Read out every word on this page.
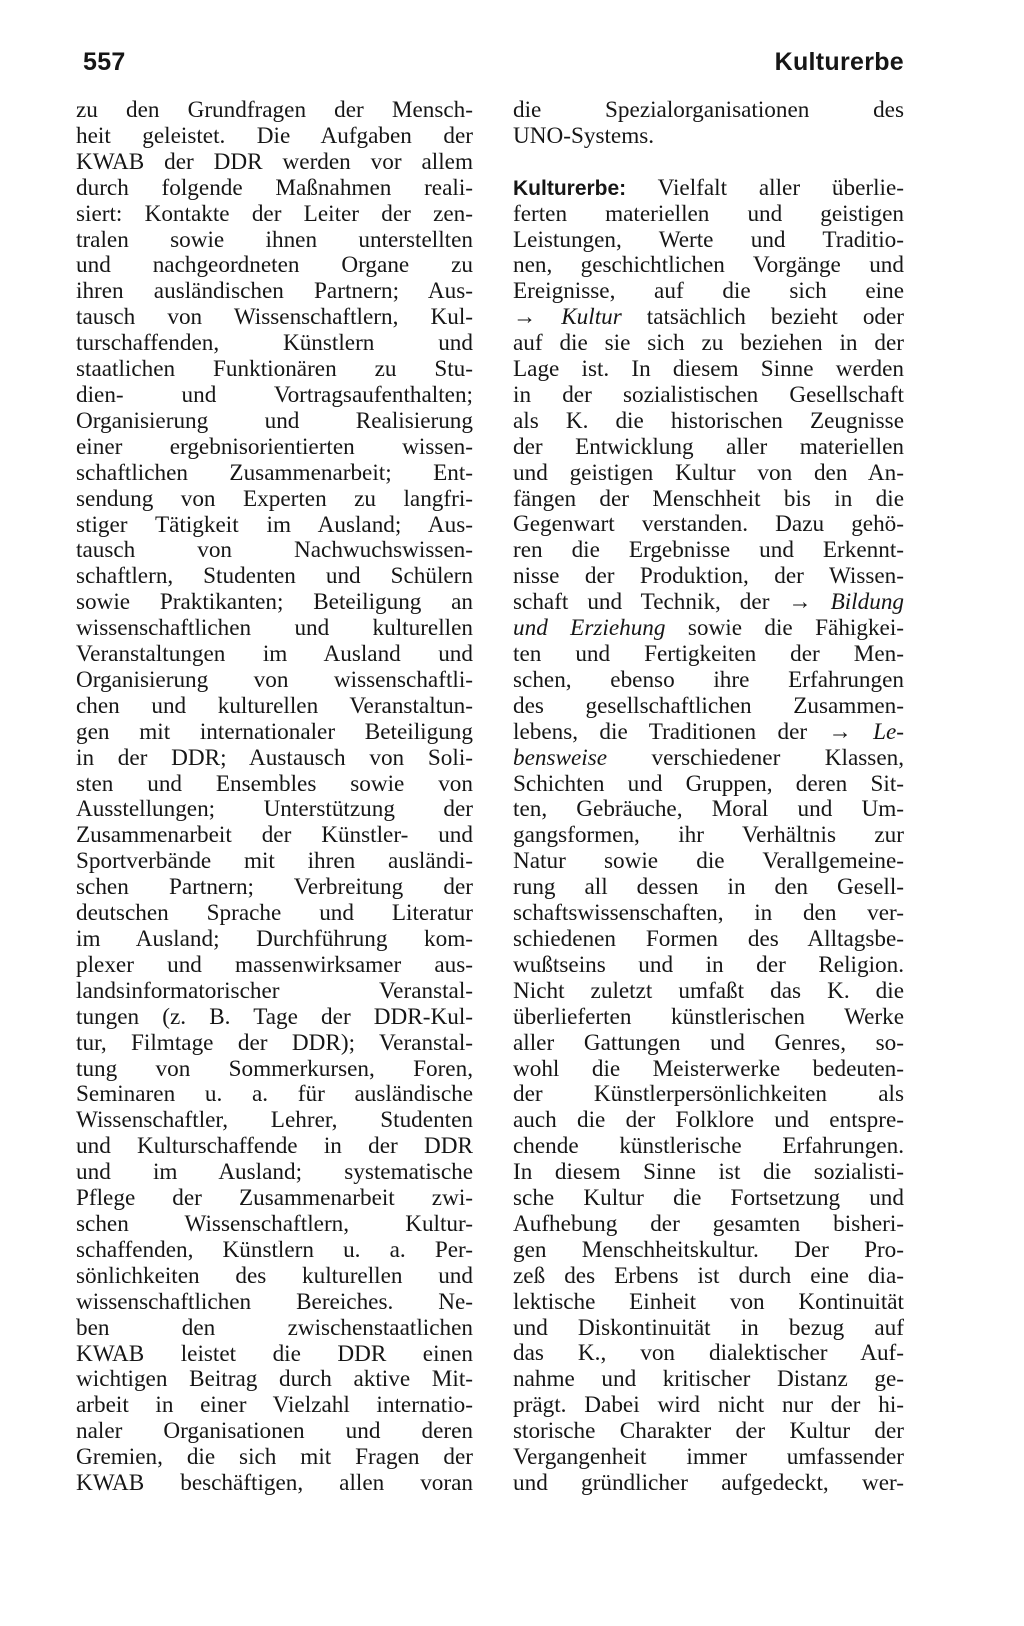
557	Kulturerbe
zu den Grundfragen der Mensch-
heit geleistet. Die Aufgaben der
KWAB der DDR werden vor allem
durch folgende Maßnahmen reali-
siert: Kontakte der Leiter der zen-
tralen sowie ihnen unterstellten
und nachgeordneten Organe zu
ihren ausländischen Partnern; Aus-
tausch von Wissenschaftlern, Kul-
turschaffenden, Künstlern und
staatlichen Funktionären zu Stu-
dien- und Vortragsaufenthalten;
Organisierung und Realisierung
einer ergebnisorientierten wissen-
schaftlichen Zusammenarbeit; Ent-
sendung von Experten zu langfri-
stiger Tätigkeit im Ausland; Aus-
tausch von Nachwuchswissen-
schaftlern, Studenten und Schülern
sowie Praktikanten; Beteiligung an
wissenschaftlichen und kulturellen
Veranstaltungen im Ausland und
Organisierung von wissenschaftli-
chen und kulturellen Veranstaltun-
gen mit internationaler Beteiligung
in der DDR; Austausch von Soli-
sten und Ensembles sowie von
Ausstellungen; Unterstützung der
Zusammenarbeit der Künstler- und
Sportverbände mit ihren ausländi-
schen Partnern; Verbreitung der
deutschen Sprache und Literatur
im Ausland; Durchführung kom-
plexer und massenwirksamer aus-
landsinformatorischer Veranstal-
tungen (z. B. Tage der DDR-Kul-
tur, Filmtage der DDR); Veranstal-
tung von Sommerkursen, Foren,
Seminaren u. a. für ausländische
Wissenschaftler, Lehrer, Studenten
und Kulturschaffende in der DDR
und im Ausland; systematische
Pflege der Zusammenarbeit zwi-
schen Wissenschaftlern, Kultur-
schaffenden, Künstlern u. a. Per-
sönlichkeiten des kulturellen und
wissenschaftlichen Bereiches. Ne-
ben den zwischenstaatlichen
KWAB leistet die DDR einen
wichtigen Beitrag durch aktive Mit-
arbeit in einer Vielzahl internatio-
naler Organisationen und deren
Gremien, die sich mit Fragen der
KWAB beschäftigen, allen voran
die Spezialorganisationen des
UNO-Systems.
Kulturerbe: Vielfalt aller überlie-
ferten materiellen und geistigen
Leistungen, Werte und Traditio-
nen, geschichtlichen Vorgänge und
Ereignisse, auf die sich eine
→ Kultur tatsächlich bezieht oder
auf die sie sich zu beziehen in der
Lage ist. In diesem Sinne werden
in der sozialistischen Gesellschaft
als K. die historischen Zeugnisse
der Entwicklung aller materiellen
und geistigen Kultur von den An-
fängen der Menschheit bis in die
Gegenwart verstanden. Dazu gehö-
ren die Ergebnisse und Erkennt-
nisse der Produktion, der Wissen-
schaft und Technik, der → Bildung
und Erziehung sowie die Fähigkei-
ten und Fertigkeiten der Men-
schen, ebenso ihre Erfahrungen
des gesellschaftlichen Zusammen-
lebens, die Traditionen der → Le-
bensweise verschiedener Klassen,
Schichten und Gruppen, deren Sit-
ten, Gebräuche, Moral und Um-
gangsformen, ihr Verhältnis zur
Natur sowie die Verallgemeine-
rung all dessen in den Gesell-
schaftswissenschaften, in den ver-
schiedenen Formen des Alltagsbe-
wußtseins und in der Religion.
Nicht zuletzt umfaßt das K. die
überlieferten künstlerischen Werke
aller Gattungen und Genres, so-
wohl die Meisterwerke bedeuten-
der Künstlerpersönlichkeiten als
auch die der Folklore und entspre-
chende künstlerische Erfahrungen.
In diesem Sinne ist die sozialisti-
sche Kultur die Fortsetzung und
Aufhebung der gesamten bisheri-
gen Menschheitskultur. Der Pro-
zeß des Erbens ist durch eine dia-
lektische Einheit von Kontinuität
und Diskontinuität in bezug auf
das K., von dialektischer Auf-
nahme und kritischer Distanz ge-
prägt. Dabei wird nicht nur der hi-
storische Charakter der Kultur der
Vergangenheit immer umfassender
und gründlicher aufgedeckt, wer-
